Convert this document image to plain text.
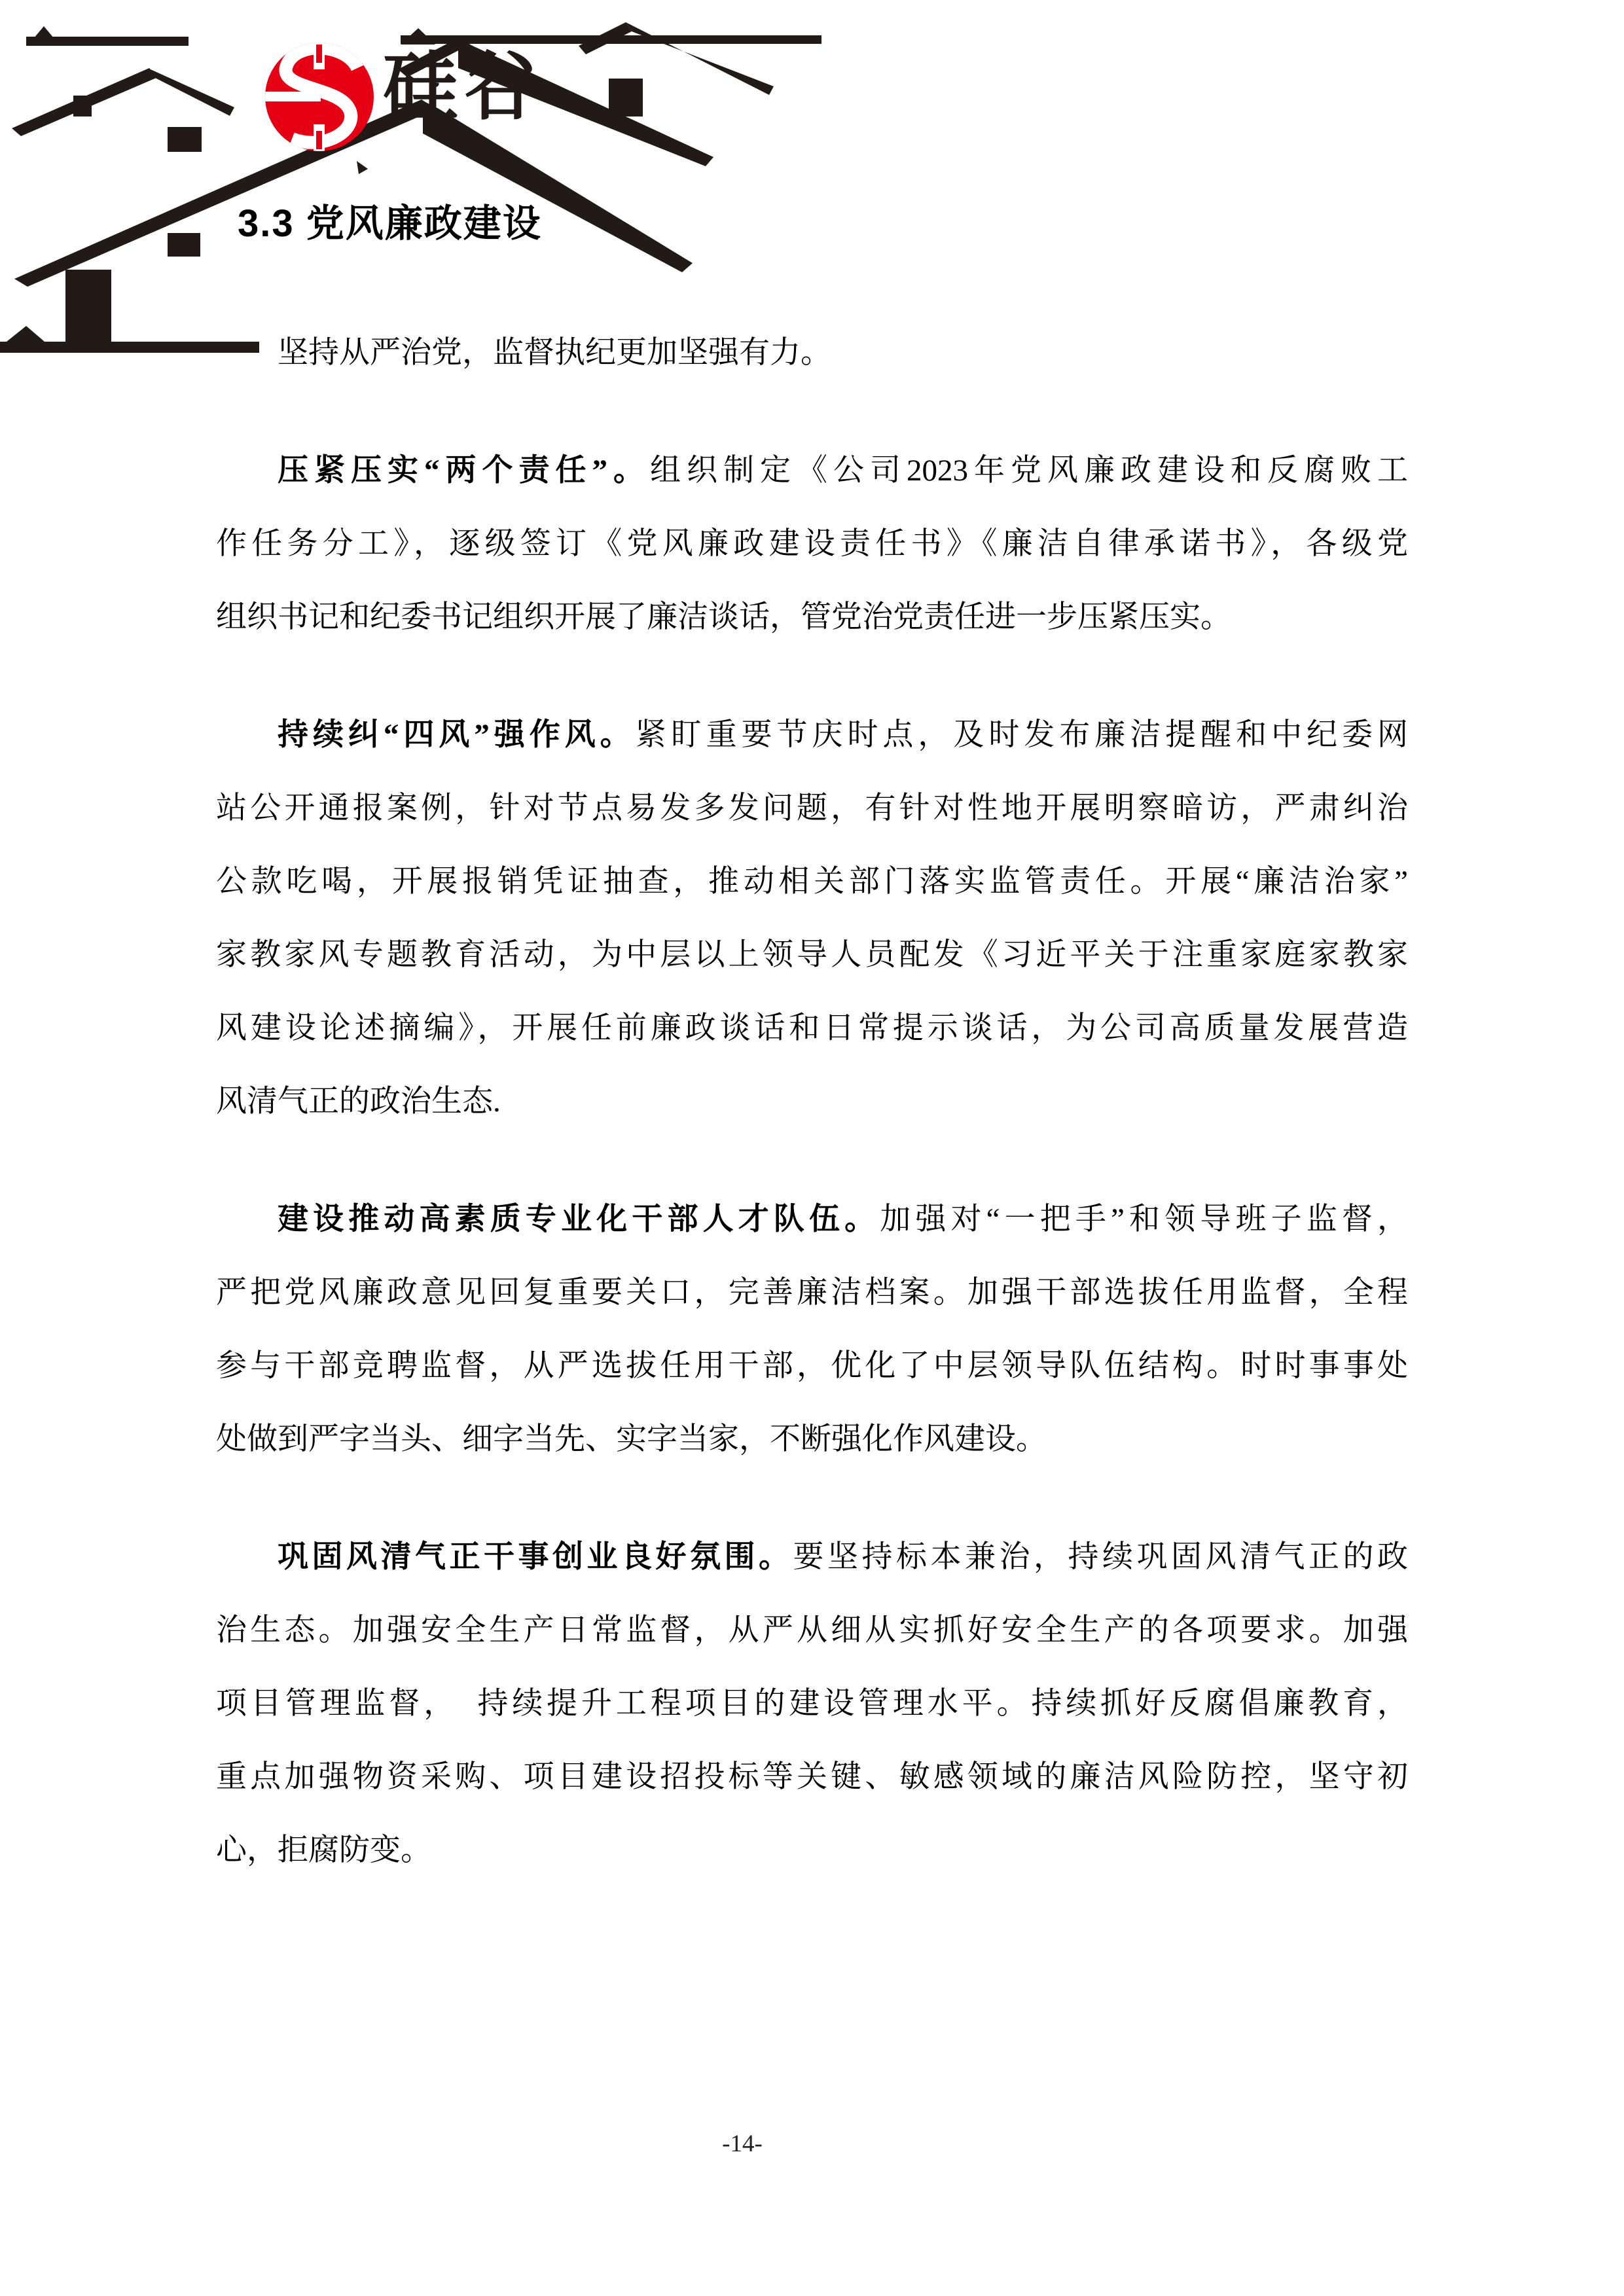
硅谷
3.3 党风廉政建设
坚持从严治党，监督执纪更加坚强有力。
压紧压实“两个责任”。组织制定《公司2023年党风廉政建设和反腐败工
作任务分工》，逐级签订《党风廉政建设责任书》《廉洁自律承诺书》，各级党
组织书记和纪委书记组织开展了廉洁谈话，管党治党责任进一步压紧压实。
持续纠“四风”强作风。紧盯重要节庆时点，及时发布廉洁提醒和中纪委网
站公开通报案例，针对节点易发多发问题，有针对性地开展明察暗访，严肃纠治
公款吃喝，开展报销凭证抽查，推动相关部门落实监管责任。开展“廉洁治家”
家教家风专题教育活动，为中层以上领导人员配发《习近平关于注重家庭家教家
风建设论述摘编》，开展任前廉政谈话和日常提示谈话，为公司高质量发展营造
风清气正的政治生态.
建设推动高素质专业化干部人才队伍。加强对“一把手”和领导班子监督，
严把党风廉政意见回复重要关口，完善廉洁档案。加强干部选拔任用监督，全程
参与干部竞聘监督，从严选拔任用干部，优化了中层领导队伍结构。时时事事处
处做到严字当头、细字当先、实字当家，不断强化作风建设。
巩固风清气正干事创业良好氛围。要坚持标本兼治，持续巩固风清气正的政
治生态。加强安全生产日常监督，从严从细从实抓好安全生产的各项要求。加强
项目管理监督，　持续提升工程项目的建设管理水平。持续抓好反腐倡廉教育，
重点加强物资采购、项目建设招投标等关键、敏感领域的廉洁风险防控，坚守初
心，拒腐防变。
-14-
